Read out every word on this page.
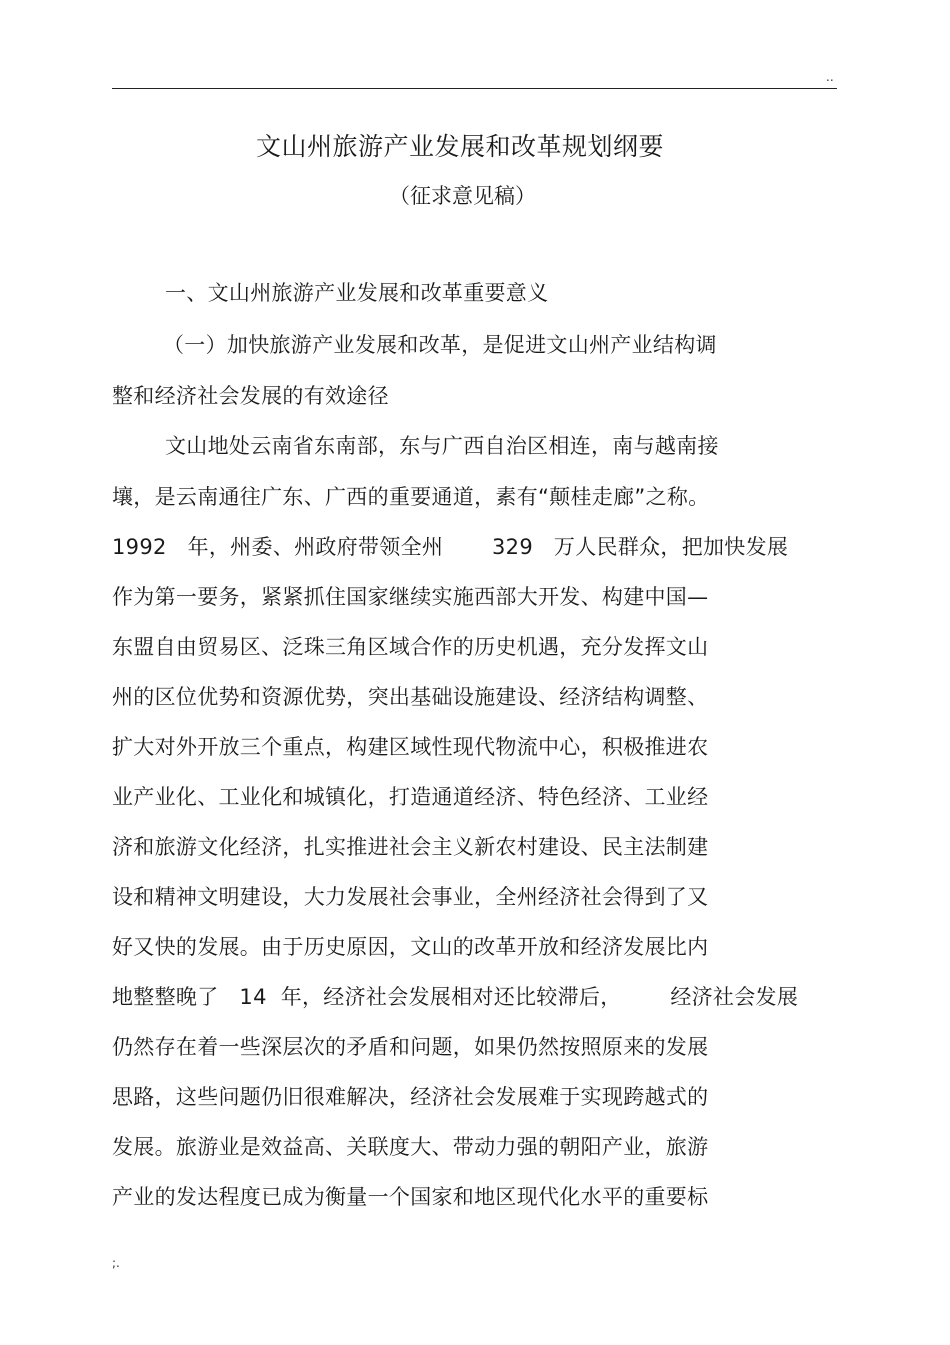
..
文山州旅游产业发展和改革规划纲要
（征求意见稿）
一、文山州旅游产业发展和改革重要意义
（一）加快旅游产业发展和改革，是促进文山州产业结构调
整和经济社会发展的有效途径
文山地处云南省东南部，东与广西自治区相连，南与越南接
壤，是云南通往广东、广西的重要通道，素有“颠桂走廊”之称。
1992   年，州委、州政府带领全州       329   万人民群众，把加快发展
作为第一要务，紧紧抓住国家继续实施西部大开发、构建中国—
东盟自由贸易区、泛珠三角区域合作的历史机遇，充分发挥文山
州的区位优势和资源优势，突出基础设施建设、经济结构调整、
扩大对外开放三个重点，构建区域性现代物流中心，积极推进农
业产业化、工业化和城镇化，打造通道经济、特色经济、工业经
济和旅游文化经济，扎实推进社会主义新农村建设、民主法制建
设和精神文明建设，大力发展社会事业，全州经济社会得到了又
好又快的发展。由于历史原因，文山的改革开放和经济发展比内
地整整晚了   14  年，经济社会发展相对还比较滞后，       经济社会发展
仍然存在着一些深层次的矛盾和问题，如果仍然按照原来的发展
思路，这些问题仍旧很难解决，经济社会发展难于实现跨越式的
发展。旅游业是效益高、关联度大、带动力强的朝阳产业，旅游
产业的发达程度已成为衡量一个国家和地区现代化水平的重要标
;.
